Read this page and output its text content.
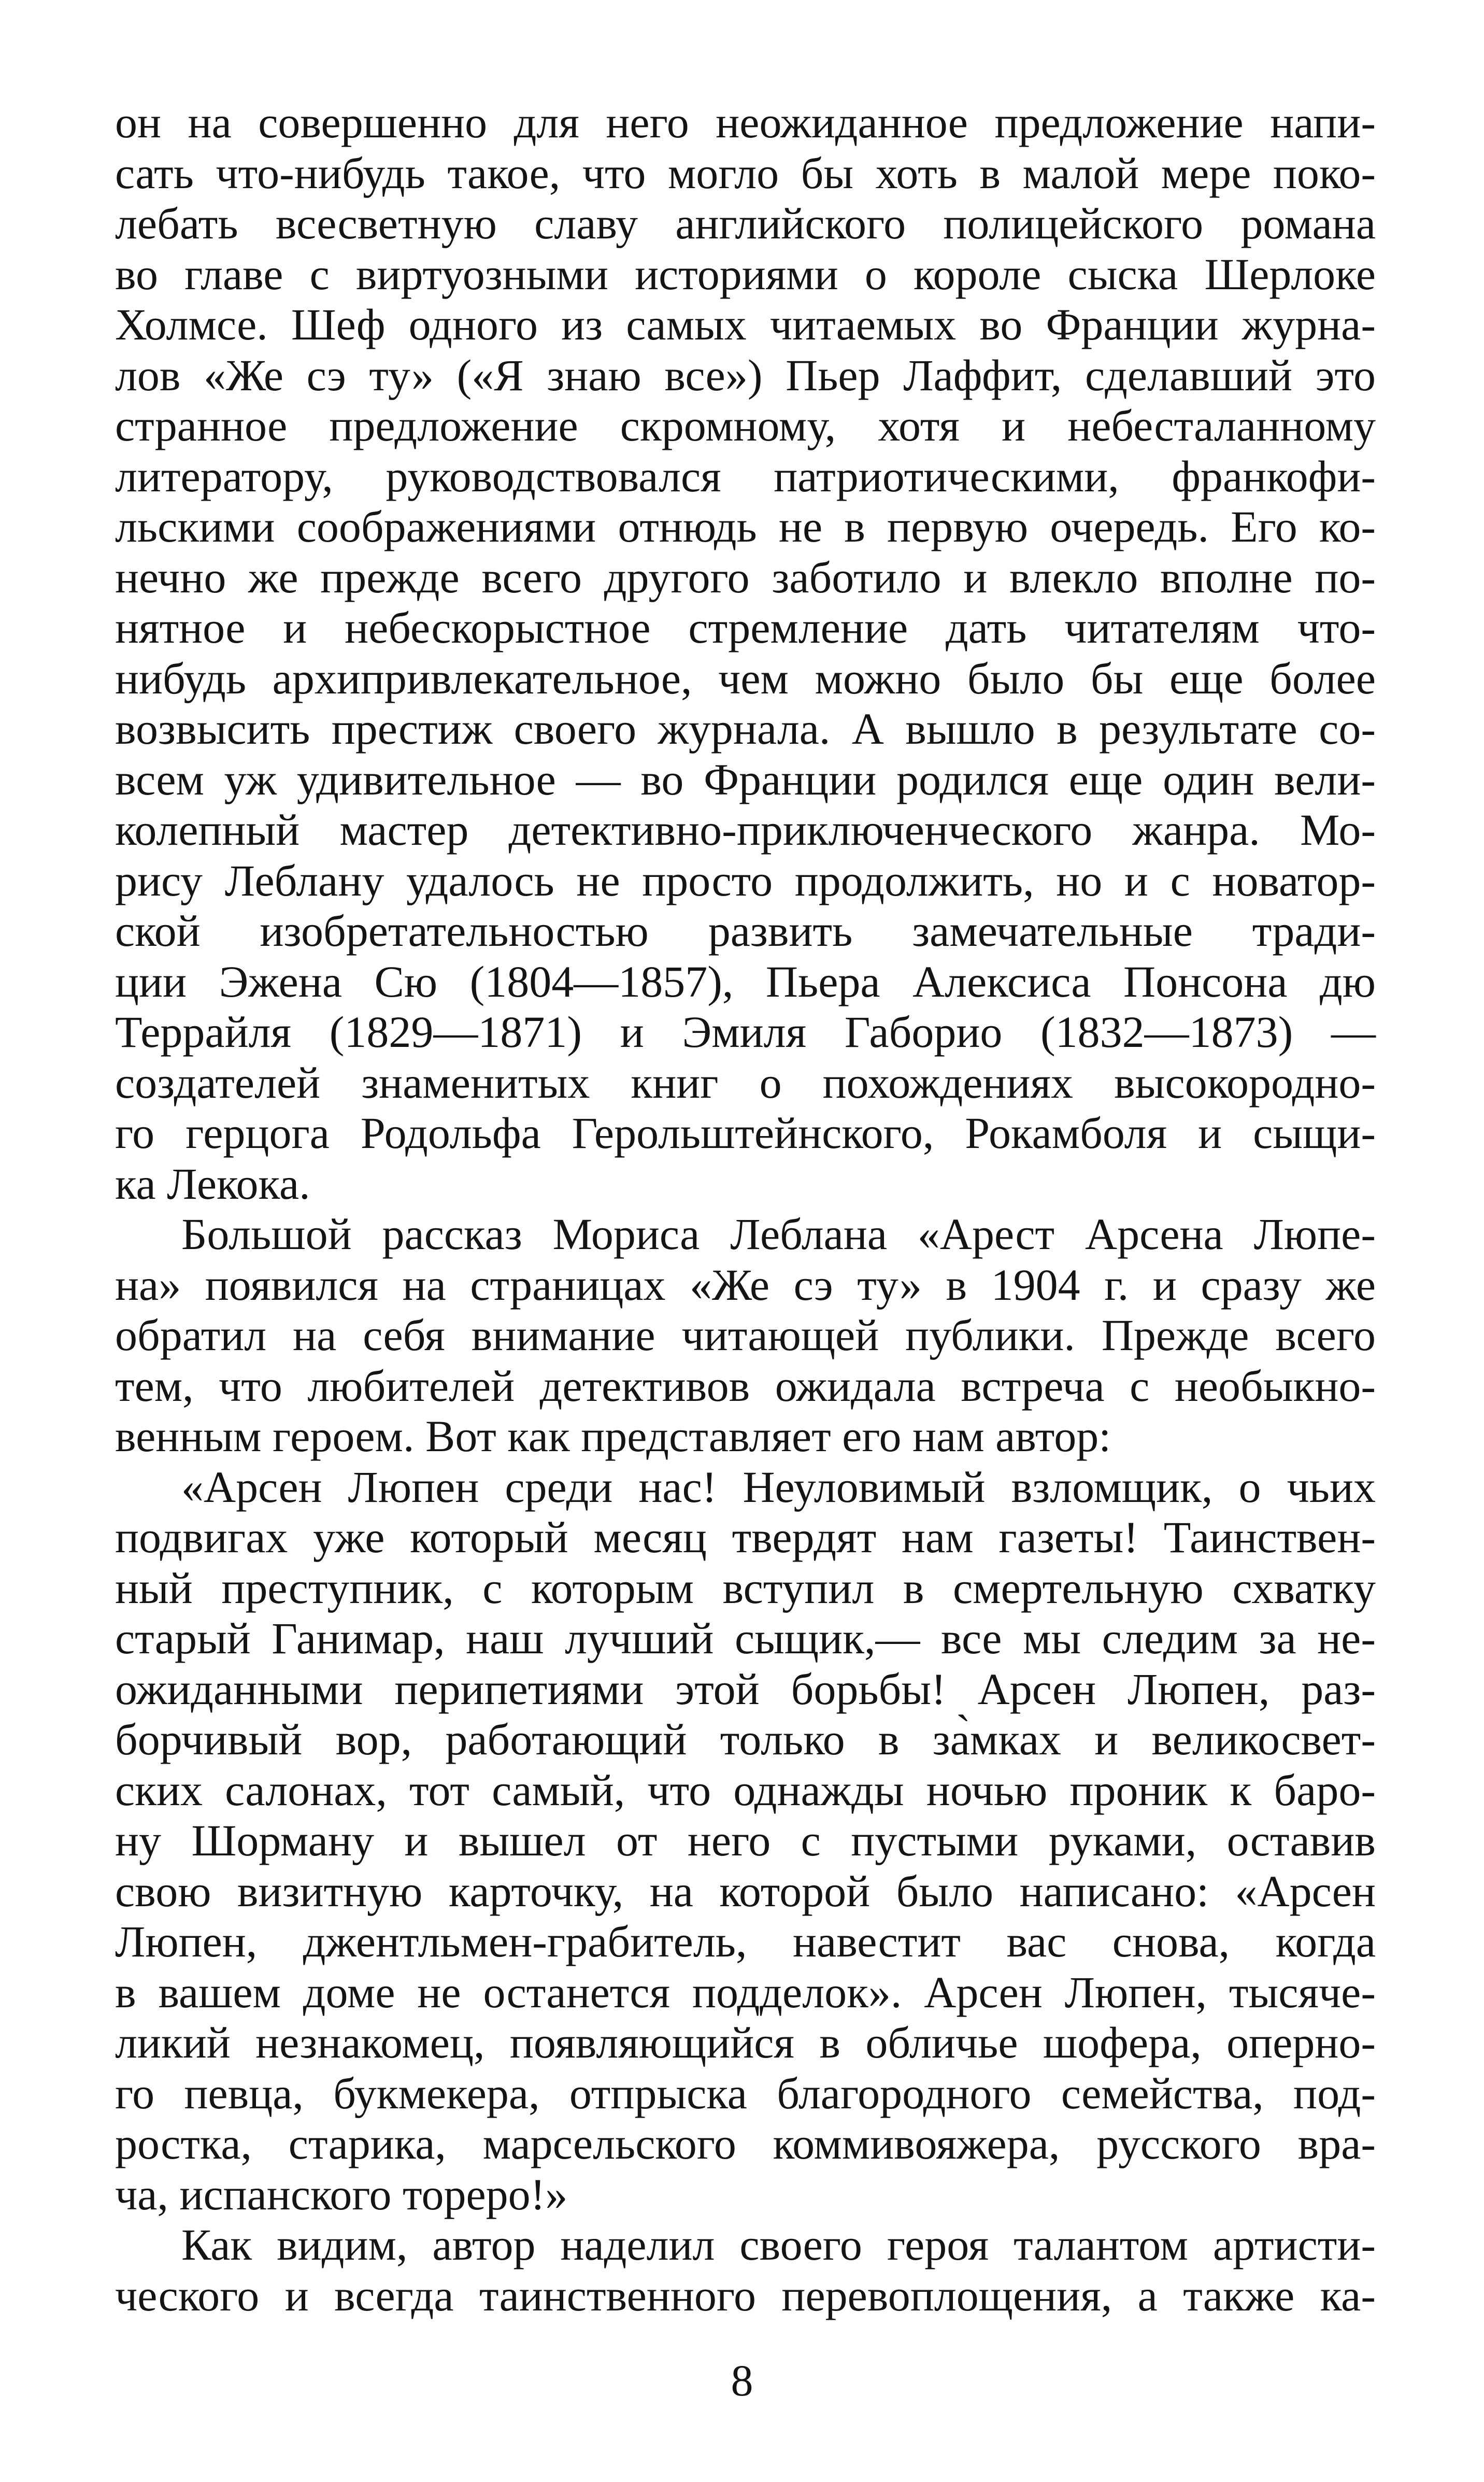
он на совершенно для него неожиданное предложение напи-
сать что-нибудь такое, что могло бы хоть в малой мере поко-
лебать всесветную славу английского полицейского романа
во главе с виртуозными историями о короле сыска Шерлоке
Холмсе. Шеф одного из самых читаемых во Франции журна-
лов «Же сэ ту» («Я знаю все») Пьер Лаффит, сделавший это
странное предложение скромному, хотя и небесталанному
литератору, руководствовался патриотическими, франкофи-
льскими соображениями отнюдь не в первую очередь. Его ко-
нечно же прежде всего другого заботило и влекло вполне по-
нятное и небескорыстное стремление дать читателям что-
нибудь архипривлекательное, чем можно было бы еще более
возвысить престиж своего журнала. А вышло в результате со-
всем уж удивительное — во Франции родился еще один вели-
колепный мастер детективно-приключенческого жанра. Мо-
рису Леблану удалось не просто продолжить, но и с новатор-
ской изобретательностью развить замечательные тради-
ции Эжена Сю (1804—1857), Пьера Алексиса Понсона дю
Террайля (1829—1871) и Эмиля Габорио (1832—1873) —
создателей знаменитых книг о похождениях высокородно-
го герцога Родольфа Герольштейнского, Рокамболя и сыщи-
ка Лекока.
Большой рассказ Мориса Леблана «Арест Арсена Люпе-
на» появился на страницах «Же сэ ту» в 1904 г. и сразу же
обратил на себя внимание читающей публики. Прежде всего
тем, что любителей детективов ожидала встреча с необыкно-
венным героем. Вот как представляет его нам автор:
«Арсен Люпен среди нас! Неуловимый взломщик, о чьих
подвигах уже который месяц твердят нам газеты! Таинствен-
ный преступник, с которым вступил в смертельную схватку
старый Ганимар, наш лучший сыщик,— все мы следим за не-
ожиданными перипетиями этой борьбы! Арсен Люпен, раз-
борчивый вор, работающий только в за̀мках и великосвет-
ских салонах, тот самый, что однажды ночью проник к баро-
ну Шорману и вышел от него с пустыми руками, оставив
свою визитную карточку, на которой было написано: «Арсен
Люпен, джентльмен-грабитель, навестит вас снова, когда
в вашем доме не останется подделок». Арсен Люпен, тысяче-
ликий незнакомец, появляющийся в обличье шофера, оперно-
го певца, букмекера, отпрыска благородного семейства, под-
ростка, старика, марсельского коммивояжера, русского вра-
ча, испанского тореро!»
Как видим, автор наделил своего героя талантом артисти-
ческого и всегда таинственного перевоплощения, а также ка-
8
